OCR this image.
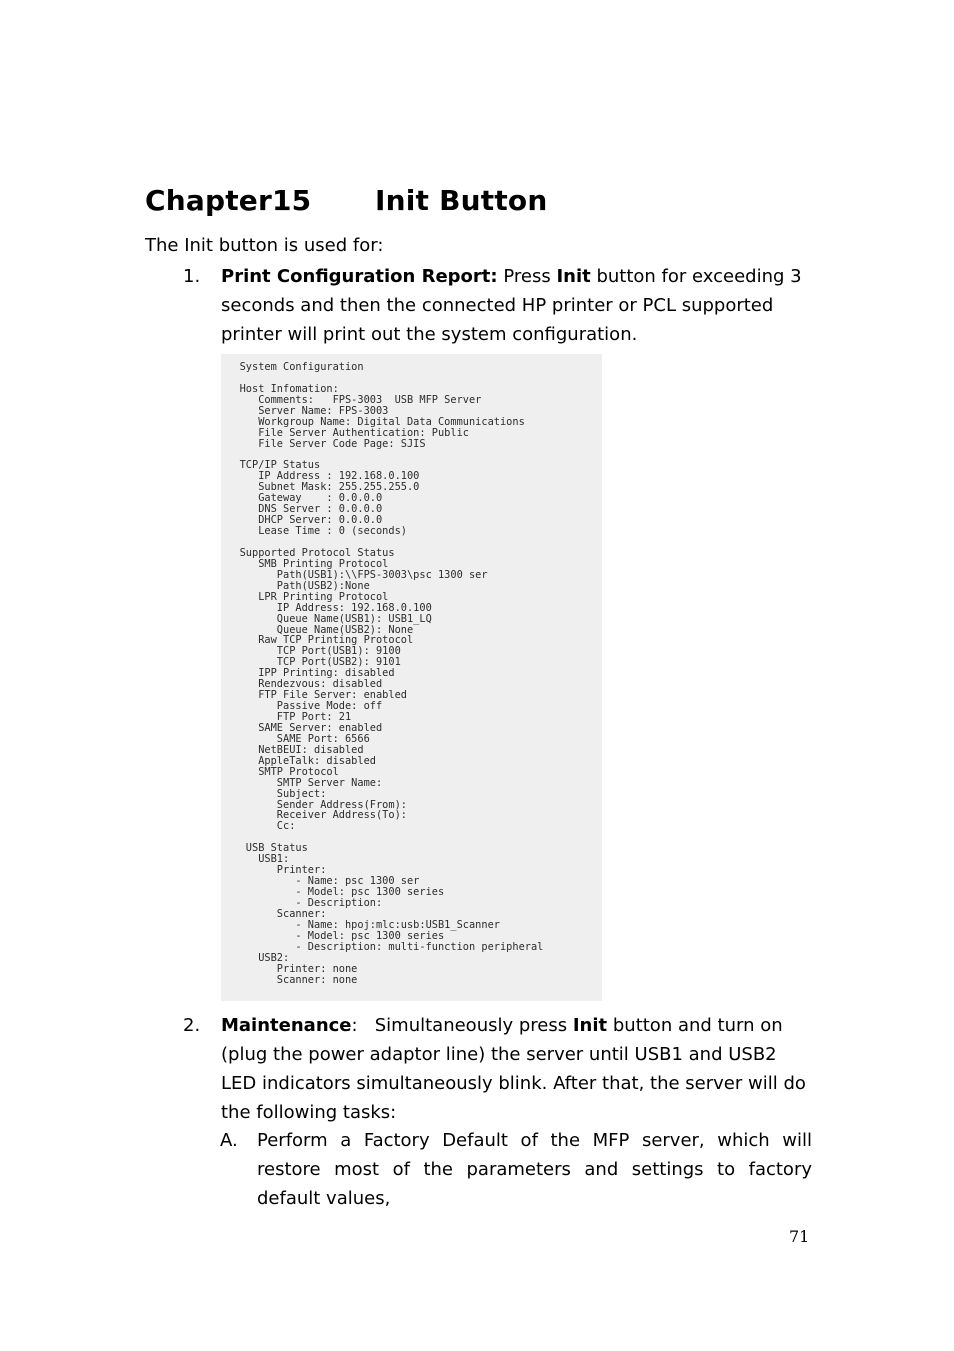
Chapter15 Init Button
The Init button is used for:
1. Print Configuration Report: Press Init button for exceeding 3 seconds and then the connected HP printer or PCL supported printer will print out the system configuration.
System Configuration

Host Infomation:
Comments:   FPS-3003  USB MFP Server
Server Name: FPS-3003
Workgroup Name: Digital Data Communications
File Server Authentication: Public
File Server Code Page: SJIS

TCP/IP Status
IP Address : 192.168.0.100
Subnet Mask: 255.255.255.0
Gateway    : 0.0.0.0
DNS Server : 0.0.0.0
DHCP Server: 0.0.0.0
Lease Time : 0 (seconds)

Supported Protocol Status
SMB Printing Protocol
Path(USB1):\\FPS-3003\psc 1300 ser
Path(USB2):None
LPR Printing Protocol
IP Address: 192.168.0.100
Queue Name(USB1): USB1_LQ
Queue Name(USB2): None
Raw TCP Printing Protocol
TCP Port(USB1): 9100
TCP Port(USB2): 9101
IPP Printing: disabled
Rendezvous: disabled
FTP File Server: enabled
Passive Mode: off
FTP Port: 21
SAME Server: enabled
SAME Port: 6566
NetBEUI: disabled
AppleTalk: disabled
SMTP Protocol
SMTP Server Name:
Subject:
Sender Address(From):
Receiver Address(To):
Cc:

USB Status
USB1:
Printer:
- Name: psc 1300 ser
- Model: psc 1300 series
- Description:
Scanner:
- Name: hpoj:mlc:usb:USB1_Scanner
- Model: psc 1300 series
- Description: multi-function peripheral
USB2:
Printer: none
Scanner: none
2. Maintenance:   Simultaneously press Init button and turn on (plug the power adaptor line) the server until USB1 and USB2 LED indicators simultaneously blink. After that, the server will do the following tasks:
A. Perform a Factory Default of the MFP server, which will restore most of the parameters and settings to factory default values,
71
